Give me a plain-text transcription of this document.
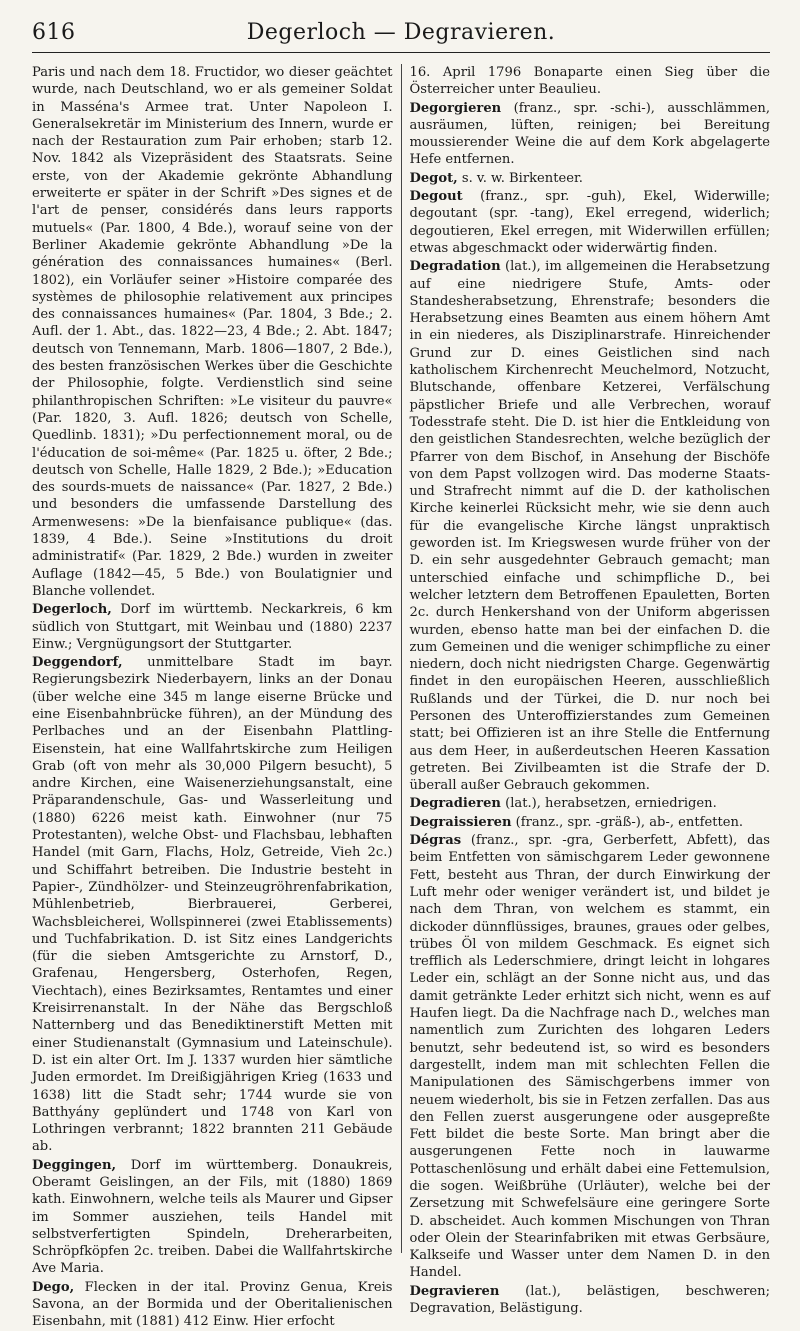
616	Degerloch — Degravieren.

Paris und nach dem 18. Fructidor, wo dieser geächtet wurde, nach Deutschland, wo er als gemeiner Soldat in Masséna's Armee trat. Unter Napoleon I. Generalsekretär im Ministerium des Innern, wurde er nach der Restauration zum Pair erhoben; starb 12. Nov. 1842 als Vizepräsident des Staatsrats. Seine erste, von der Akademie gekrönte Abhandlung erweiterte er später in der Schrift »Des signes et de l'art de penser, considérés dans leurs rapports mutuels« (Par. 1800, 4 Bde.), worauf seine von der Berliner Akademie gekrönte Abhandlung »De la génération des connaissances humaines« (Berl. 1802), ein Vorläufer seiner »Histoire comparée des systèmes de philosophie relativement aux principes des connaissances humaines« (Par. 1804, 3 Bde.; 2. Aufl. der 1. Abt., das. 1822—23, 4 Bde.; 2. Abt. 1847; deutsch von Tennemann, Marb. 1806—1807, 2 Bde.), des besten französischen Werkes über die Geschichte der Philosophie, folgte. Verdienstlich sind seine philanthropischen Schriften: »Le visiteur du pauvre« (Par. 1820, 3. Aufl. 1826; deutsch von Schelle, Quedlinb. 1831); »Du perfectionnement moral, ou de l'éducation de soi-même« (Par. 1825 u. öfter, 2 Bde.; deutsch von Schelle, Halle 1829, 2 Bde.); »Education des sourds-muets de naissance« (Par. 1827, 2 Bde.) und besonders die umfassende Darstellung des Armenwesens: »De la bienfaisance publique« (das. 1839, 4 Bde.). Seine »Institutions du droit administratif« (Par. 1829, 2 Bde.) wurden in zweiter Auflage (1842—45, 5 Bde.) von Boulatignier und Blanche vollendet.

Degerloch, Dorf im württemb. Neckarkreis, 6 km südlich von Stuttgart, mit Weinbau und (1880) 2237 Einw.; Vergnügungsort der Stuttgarter.

Deggendorf, unmittelbare Stadt im bayr. Regierungsbezirk Niederbayern, links an der Donau (über welche eine 345 m lange eiserne Brücke und eine Eisenbahnbrücke führen), an der Mündung des Perlbaches und an der Eisenbahn Plattling-Eisenstein, hat eine Wallfahrtskirche zum Heiligen Grab (oft von mehr als 30,000 Pilgern besucht), 5 andre Kirchen, eine Waisenerziehungsanstalt, eine Präparandenschule, Gas- und Wasserleitung und (1880) 6226 meist kath. Einwohner (nur 75 Protestanten), welche Obst- und Flachsbau, lebhaften Handel (mit Garn, Flachs, Holz, Getreide, Vieh 2c.) und Schiffahrt betreiben. Die Industrie besteht in Papier-, Zündhölzer- und Steinzeugröhrenfabrikation, Mühlenbetrieb, Bierbrauerei, Gerberei, Wachsbleicherei, Wollspinnerei (zwei Etablissements) und Tuchfabrikation. D. ist Sitz eines Landgerichts (für die sieben Amtsgerichte zu Arnstorf, D., Grafenau, Hengersberg, Osterhofen, Regen, Viechtach), eines Bezirksamtes, Rentamtes und einer Kreisirrenanstalt. In der Nähe das Bergschloß Natternberg und das Benediktinerstift Metten mit einer Studienanstalt (Gymnasium und Lateinschule). D. ist ein alter Ort. Im J. 1337 wurden hier sämtliche Juden ermordet. Im Dreißigjährigen Krieg (1633 und 1638) litt die Stadt sehr; 1744 wurde sie von Batthyány geplündert und 1748 von Karl von Lothringen verbrannt; 1822 brannten 211 Gebäude ab.

Deggingen, Dorf im württemberg. Donaukreis, Oberamt Geislingen, an der Fils, mit (1880) 1869 kath. Einwohnern, welche teils als Maurer und Gipser im Sommer ausziehen, teils Handel mit selbstverfertigten Spindeln, Dreherarbeiten, Schröpfköpfen 2c. treiben. Dabei die Wallfahrtskirche Ave Maria.

Dego, Flecken in der ital. Provinz Genua, Kreis Savona, an der Bormida und der Oberitalienischen Eisenbahn, mit (1881) 412 Einw. Hier erfocht

16. April 1796 Bonaparte einen Sieg über die Österreicher unter Beaulieu.

Degorgieren (franz., spr. -schi-), ausschlämmen, ausräumen, lüften, reinigen; bei Bereitung moussierender Weine die auf dem Kork abgelagerte Hefe entfernen.

Degot, s. v. w. Birkenteer.

Degout (franz., spr. -guh), Ekel, Widerwille; degoutant (spr. -tang), Ekel erregend, widerlich; degoutieren, Ekel erregen, mit Widerwillen erfüllen; etwas abgeschmackt oder widerwärtig finden.

Degradation (lat.), im allgemeinen die Herabsetzung auf eine niedrigere Stufe, Amts- oder Standesherabsetzung, Ehrenstrafe; besonders die Herabsetzung eines Beamten aus einem höhern Amt in ein niederes, als Disziplinarstrafe. Hinreichender Grund zur D. eines Geistlichen sind nach katholischem Kirchenrecht Meuchelmord, Notzucht, Blutschande, offenbare Ketzerei, Verfälschung päpstlicher Briefe und alle Verbrechen, worauf Todesstrafe steht. Die D. ist hier die Entkleidung von den geistlichen Standesrechten, welche bezüglich der Pfarrer von dem Bischof, in Ansehung der Bischöfe von dem Papst vollzogen wird. Das moderne Staats- und Strafrecht nimmt auf die D. der katholischen Kirche keinerlei Rücksicht mehr, wie sie denn auch für die evangelische Kirche längst unpraktisch geworden ist. Im Kriegswesen wurde früher von der D. ein sehr ausgedehnter Gebrauch gemacht; man unterschied einfache und schimpfliche D., bei welcher letztern dem Betroffenen Epauletten, Borten 2c. durch Henkershand von der Uniform abgerissen wurden, ebenso hatte man bei der einfachen D. die zum Gemeinen und die weniger schimpfliche zu einer niedern, doch nicht niedrigsten Charge. Gegenwärtig findet in den europäischen Heeren, ausschließlich Rußlands und der Türkei, die D. nur noch bei Personen des Unteroffizierstandes zum Gemeinen statt; bei Offizieren ist an ihre Stelle die Entfernung aus dem Heer, in außerdeutschen Heeren Kassation getreten. Bei Zivilbeamten ist die Strafe der D. überall außer Gebrauch gekommen.

Degradieren (lat.), herabsetzen, erniedrigen.

Degraissieren (franz., spr. -gräß-), ab-, entfetten.

Dégras (franz., spr. -gra, Gerberfett, Abfett), das beim Entfetten von sämischgarem Leder gewonnene Fett, besteht aus Thran, der durch Einwirkung der Luft mehr oder weniger verändert ist, und bildet je nach dem Thran, von welchem es stammt, ein dickoder dünnflüssiges, braunes, graues oder gelbes, trübes Öl von mildem Geschmack. Es eignet sich trefflich als Lederschmiere, dringt leicht in lohgares Leder ein, schlägt an der Sonne nicht aus, und das damit getränkte Leder erhitzt sich nicht, wenn es auf Haufen liegt. Da die Nachfrage nach D., welches man namentlich zum Zurichten des lohgaren Leders benutzt, sehr bedeutend ist, so wird es besonders dargestellt, indem man mit schlechten Fellen die Manipulationen des Sämischgerbens immer von neuem wiederholt, bis sie in Fetzen zerfallen. Das aus den Fellen zuerst ausgerungene oder ausgepreßte Fett bildet die beste Sorte. Man bringt aber die ausgerungenen Fette noch in lauwarme Pottaschenlösung und erhält dabei eine Fettemulsion, die sogen. Weißbrühe (Urläuter), welche bei der Zersetzung mit Schwefelsäure eine geringere Sorte D. abscheidet. Auch kommen Mischungen von Thran oder Olein der Stearinfabriken mit etwas Gerbsäure, Kalkseife und Wasser unter dem Namen D. in den Handel.

Degravieren (lat.), belästigen, beschweren; Degravation, Belästigung.
